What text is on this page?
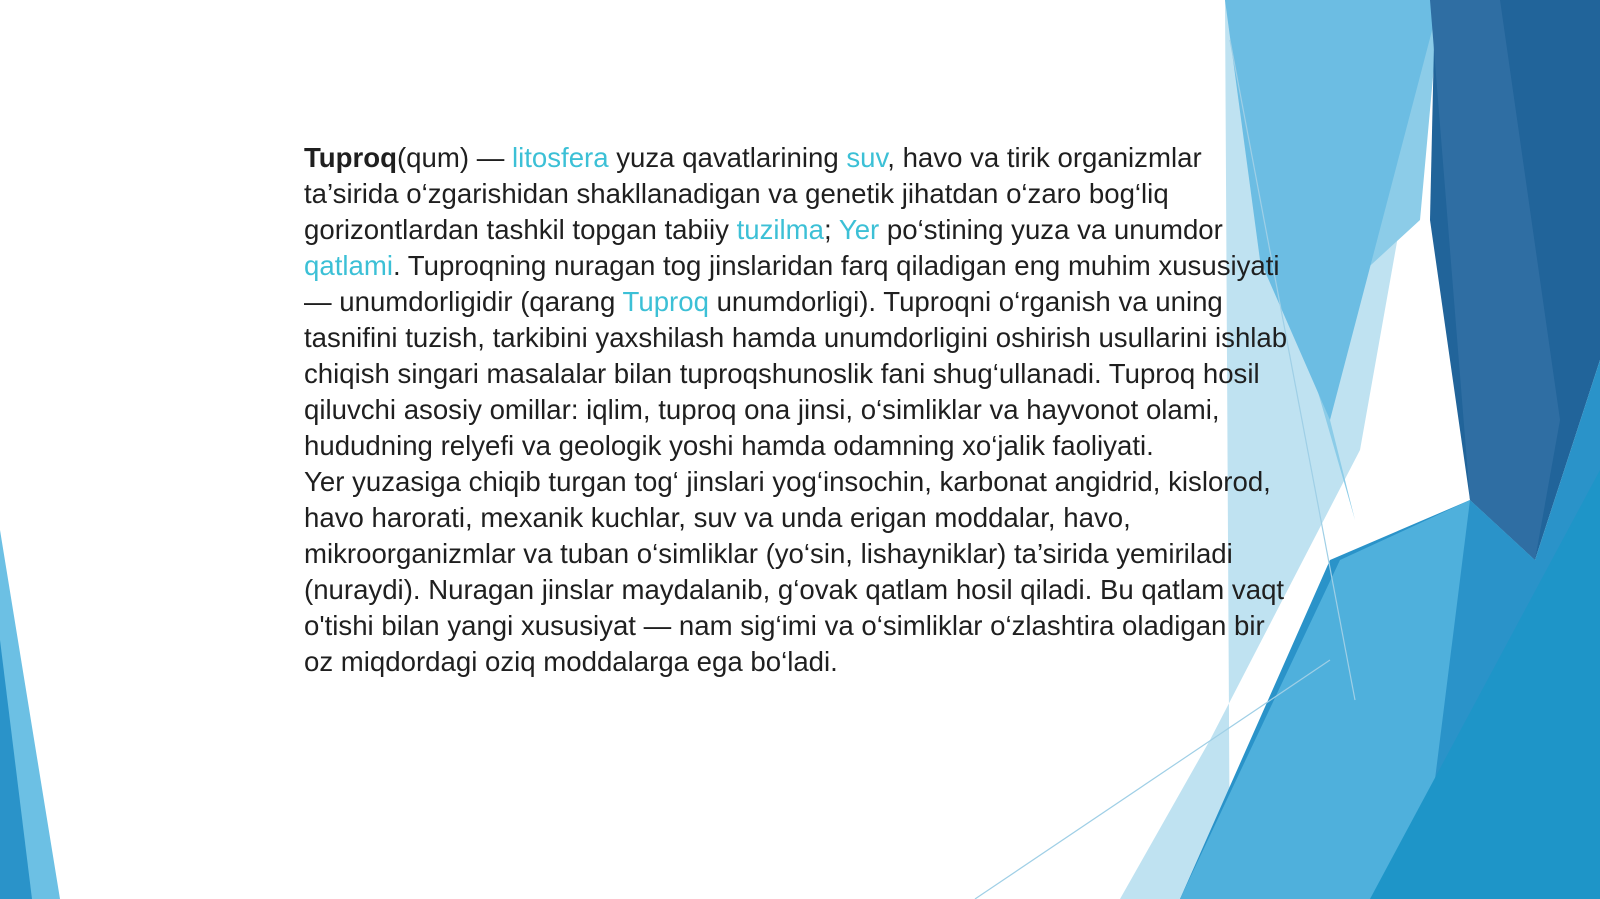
Tuproq(qum) — litosfera yuza qavatlarining suv, havo va tirik organizmlar ta’sirida o‘zgarishidan shakllanadigan va genetik jihatdan o‘zaro bog‘liq gorizontlardan tashkil topgan tabiiy tuzilma; Yer po‘stining yuza va unumdor qatlami. Tuproqning nuragan tog jinslaridan farq qiladigan eng muhim xususiyati — unumdorligidir (qarang Tuproq unumdorligi). Tuproqni o‘rganish va uning tasnifini tuzish, tarkibini yaxshilash hamda unumdorligini oshirish usullarini ishlab chiqish singari masalalar bilan tuproqshunoslik fani shug‘ullanadi. Tuproq hosil qiluvchi asosiy omillar: iqlim, tuproq ona jinsi, o‘simliklar va hayvonot olami, hududning relyefi va geologik yoshi hamda odamning xo‘jalik faoliyati.

Yer yuzasiga chiqib turgan tog‘ jinslari yog‘insochin, karbonat angidrid, kislorod, havo harorati, mexanik kuchlar, suv va unda erigan moddalar, havo, mikroorganizmlar va tuban o‘simliklar (yo‘sin, lishayniklar) ta’sirida yemiriladi (nuraydi). Nuragan jinslar maydalanib, g‘ovak qatlam hosil qiladi. Bu qatlam vaqt o'tishi bilan yangi xususiyat — nam sig‘imi va o‘simliklar o‘zlashtira oladigan bir oz miqdordagi oziq moddalarga ega bo‘ladi.
